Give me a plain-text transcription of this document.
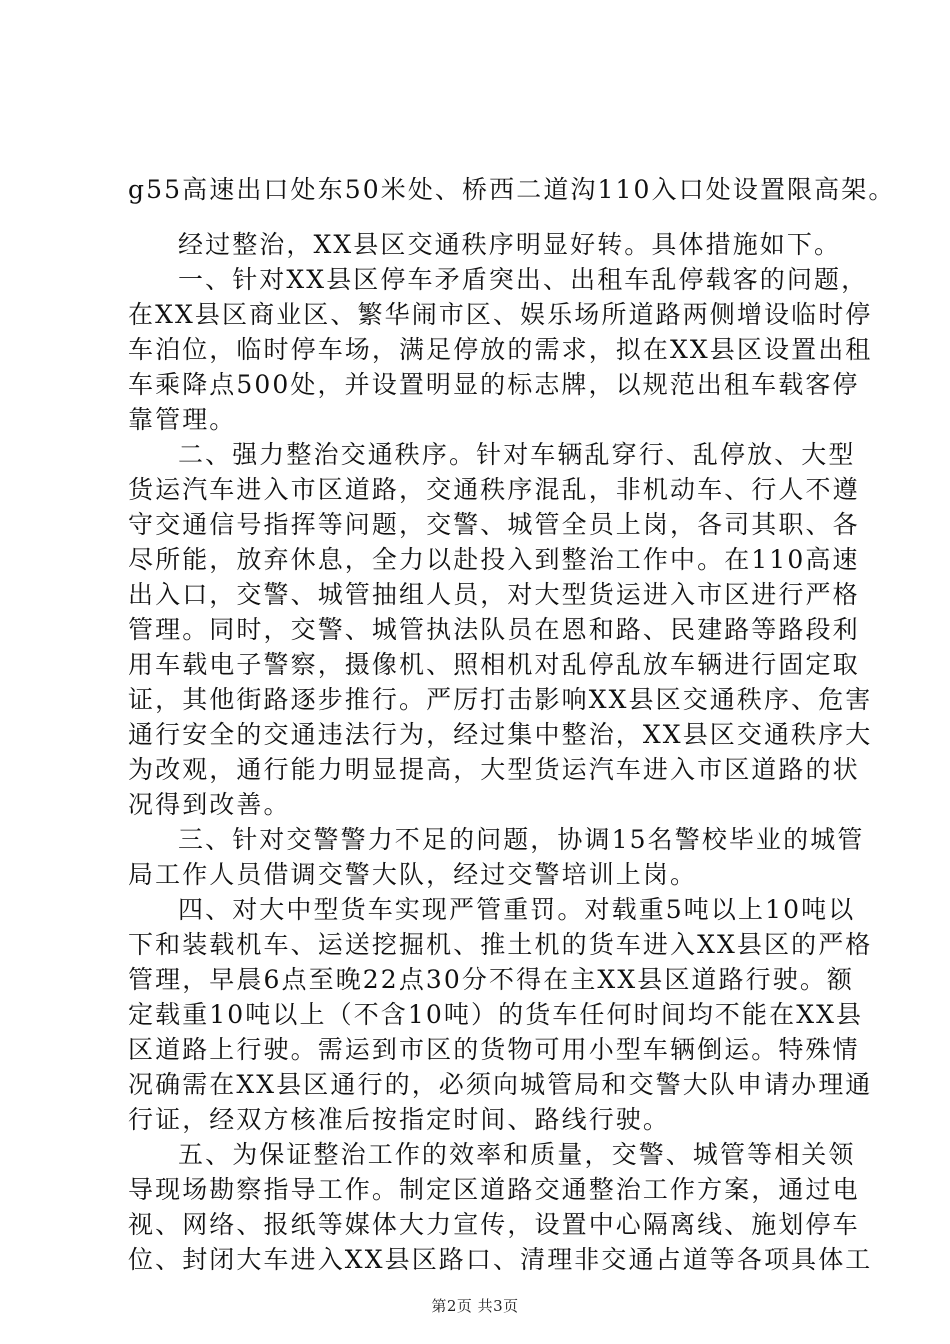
g55高速出口处东50米处、桥西二道沟110入口处设置限高架。
经过整治，XX县区交通秩序明显好转。具体措施如下。
一、针对XX县区停车矛盾突出、出租车乱停载客的问题，
在XX县区商业区、繁华闹市区、娱乐场所道路两侧增设临时停
车泊位，临时停车场，满足停放的需求，拟在XX县区设置出租
车乘降点500处，并设置明显的标志牌，以规范出租车载客停
靠管理。
二、强力整治交通秩序。针对车辆乱穿行、乱停放、大型
货运汽车进入市区道路，交通秩序混乱，非机动车、行人不遵
守交通信号指挥等问题，交警、城管全员上岗，各司其职、各
尽所能，放弃休息，全力以赴投入到整治工作中。在110高速
出入口，交警、城管抽组人员，对大型货运进入市区进行严格
管理。同时，交警、城管执法队员在恩和路、民建路等路段利
用车载电子警察，摄像机、照相机对乱停乱放车辆进行固定取
证，其他街路逐步推行。严厉打击影响XX县区交通秩序、危害
通行安全的交通违法行为，经过集中整治，XX县区交通秩序大
为改观，通行能力明显提高，大型货运汽车进入市区道路的状
况得到改善。
三、针对交警警力不足的问题，协调15名警校毕业的城管
局工作人员借调交警大队，经过交警培训上岗。
四、对大中型货车实现严管重罚。对载重5吨以上10吨以
下和装载机车、运送挖掘机、推土机的货车进入XX县区的严格
管理，早晨6点至晚22点30分不得在主XX县区道路行驶。额
定载重10吨以上（不含10吨）的货车任何时间均不能在XX县
区道路上行驶。需运到市区的货物可用小型车辆倒运。特殊情
况确需在XX县区通行的，必须向城管局和交警大队申请办理通
行证，经双方核准后按指定时间、路线行驶。
五、为保证整治工作的效率和质量，交警、城管等相关领
导现场勘察指导工作。制定区道路交通整治工作方案，通过电
视、网络、报纸等媒体大力宣传，设置中心隔离线、施划停车
位、封闭大车进入XX县区路口、清理非交通占道等各项具体工
第2页 共3页
